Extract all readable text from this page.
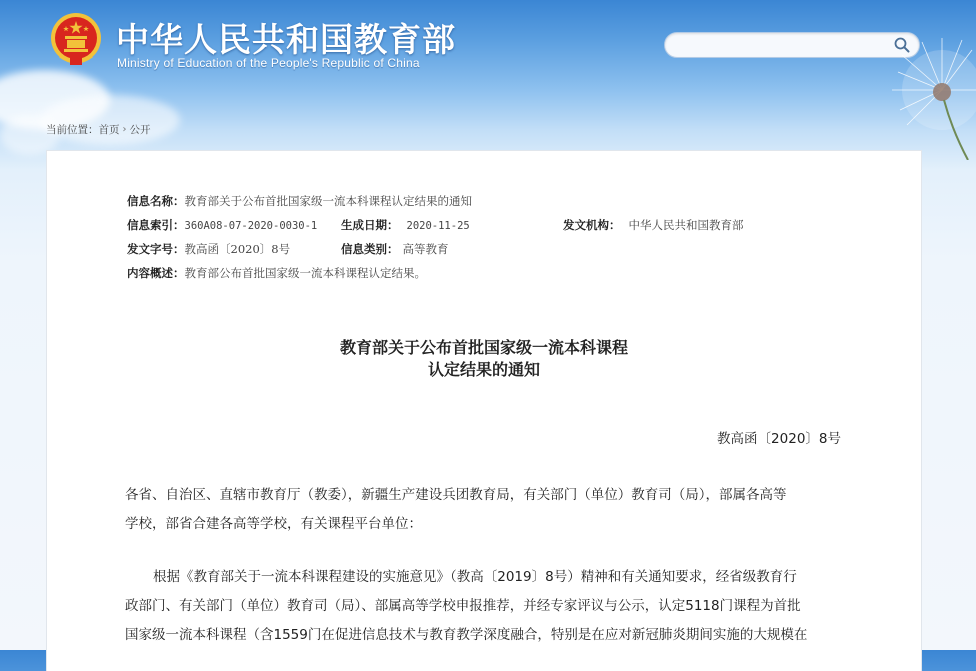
中华人民共和国教育部
Ministry of Education of the People's Republic of China
当前位置：首页 › 公开
信息名称：教育部关于公布首批国家级一流本科课程认定结果的通知
信息索引：360A08-07-2020-0030-1 生成日期： 2020-11-25	发文机构： 中华人民共和国教育部
发文字号：教高函〔2020〕8号	信息类别： 高等教育
内容概述：教育部公布首批国家级一流本科课程认定结果。
教育部关于公布首批国家级一流本科课程
认定结果的通知
教高函〔2020〕8号
各省、自治区、直辖市教育厅（教委），新疆生产建设兵团教育局，有关部门（单位）教育司（局），部属各高等
学校，部省合建各高等学校，有关课程平台单位：
根据《教育部关于一流本科课程建设的实施意见》（教高〔2019〕8号）精神和有关通知要求，经省级教育行
政部门、有关部门（单位）教育司（局）、部属高等学校申报推荐，并经专家评议与公示，认定5118门课程为首批
国家级一流本科课程（含1559门在促进信息技术与教育教学深度融合，特别是在应对新冠肺炎期间实施的大规模在
